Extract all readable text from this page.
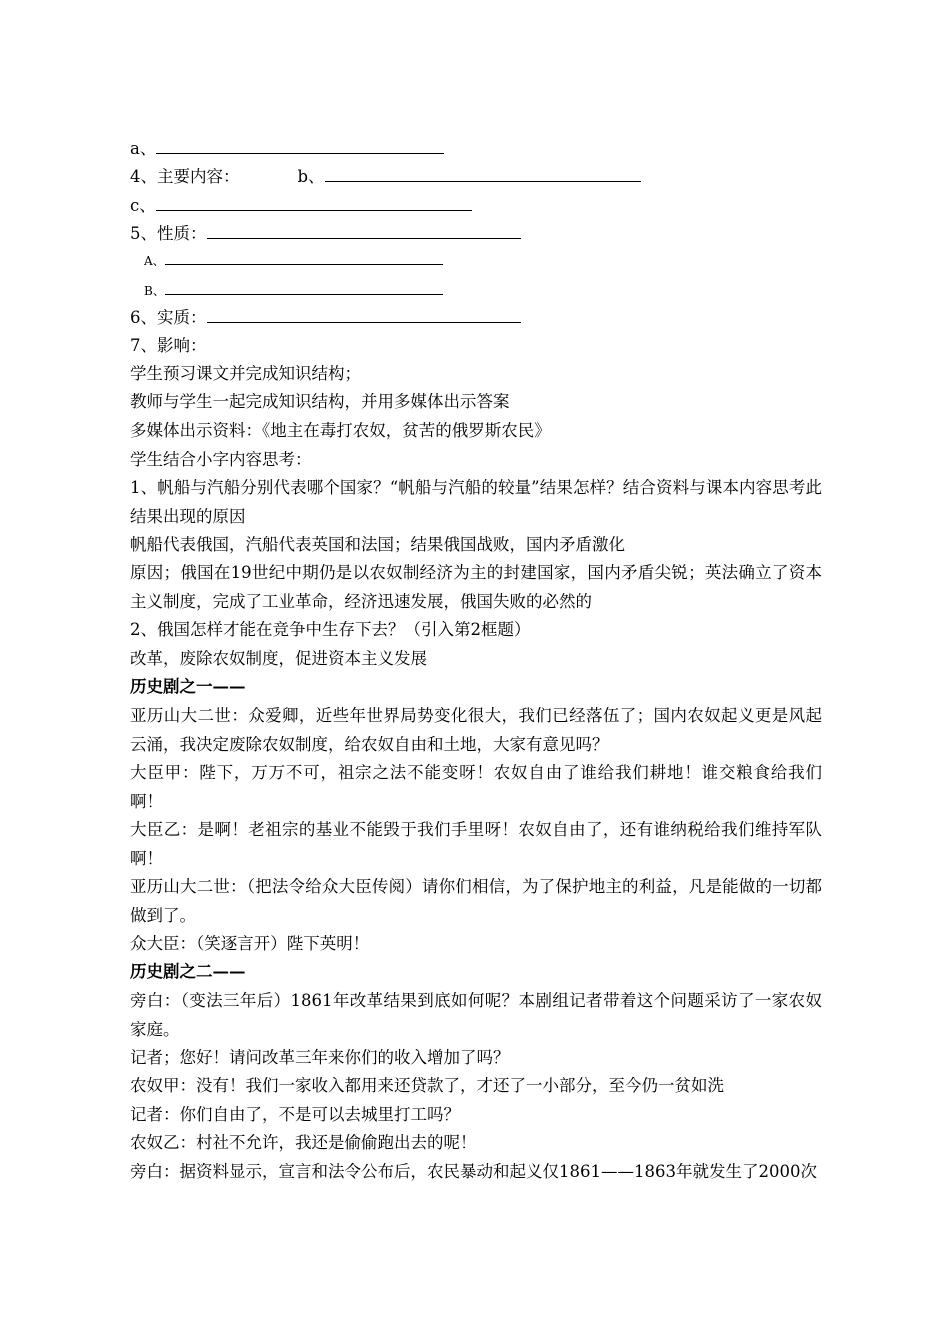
a、
4、主要内容：	b、
c、
5、性质：
A、
B、
6、实质：
7、影响：
学生预习课文并完成知识结构；
教师与学生一起完成知识结构，并用多媒体出示答案
多媒体出示资料：《地主在毒打农奴，贫苦的俄罗斯农民》
学生结合小字内容思考：
1、帆船与汽船分别代表哪个国家？“帆船与汽船的较量”结果怎样？结合资料与课本内容思考此结果出现的原因
帆船代表俄国，汽船代表英国和法国；结果俄国战败，国内矛盾激化
原因；俄国在19世纪中期仍是以农奴制经济为主的封建国家，国内矛盾尖锐；英法确立了资本主义制度，完成了工业革命，经济迅速发展，俄国失败的必然的
2、俄国怎样才能在竞争中生存下去？（引入第2框题）
改革，废除农奴制度，促进资本主义发展
历史剧之一——
亚历山大二世：众爱卿，近些年世界局势变化很大，我们已经落伍了；国内农奴起义更是风起云涌，我决定废除农奴制度，给农奴自由和土地，大家有意见吗？
大臣甲：陛下，万万不可，祖宗之法不能变呀！农奴自由了谁给我们耕地！谁交粮食给我们啊！
大臣乙：是啊！老祖宗的基业不能毁于我们手里呀！农奴自由了，还有谁纳税给我们维持军队啊！
亚历山大二世：（把法令给众大臣传阅）请你们相信，为了保护地主的利益，凡是能做的一切都做到了。
众大臣：（笑逐言开）陛下英明！
历史剧之二——
旁白：（变法三年后）1861年改革结果到底如何呢？本剧组记者带着这个问题采访了一家农奴家庭。
记者；您好！请问改革三年来你们的收入增加了吗？
农奴甲：没有！我们一家收入都用来还贷款了，才还了一小部分，至今仍一贫如洗
记者：你们自由了，不是可以去城里打工吗？
农奴乙：村社不允许，我还是偷偷跑出去的呢！
旁白：据资料显示，宣言和法令公布后，农民暴动和起义仅1861——1863年就发生了2000次
